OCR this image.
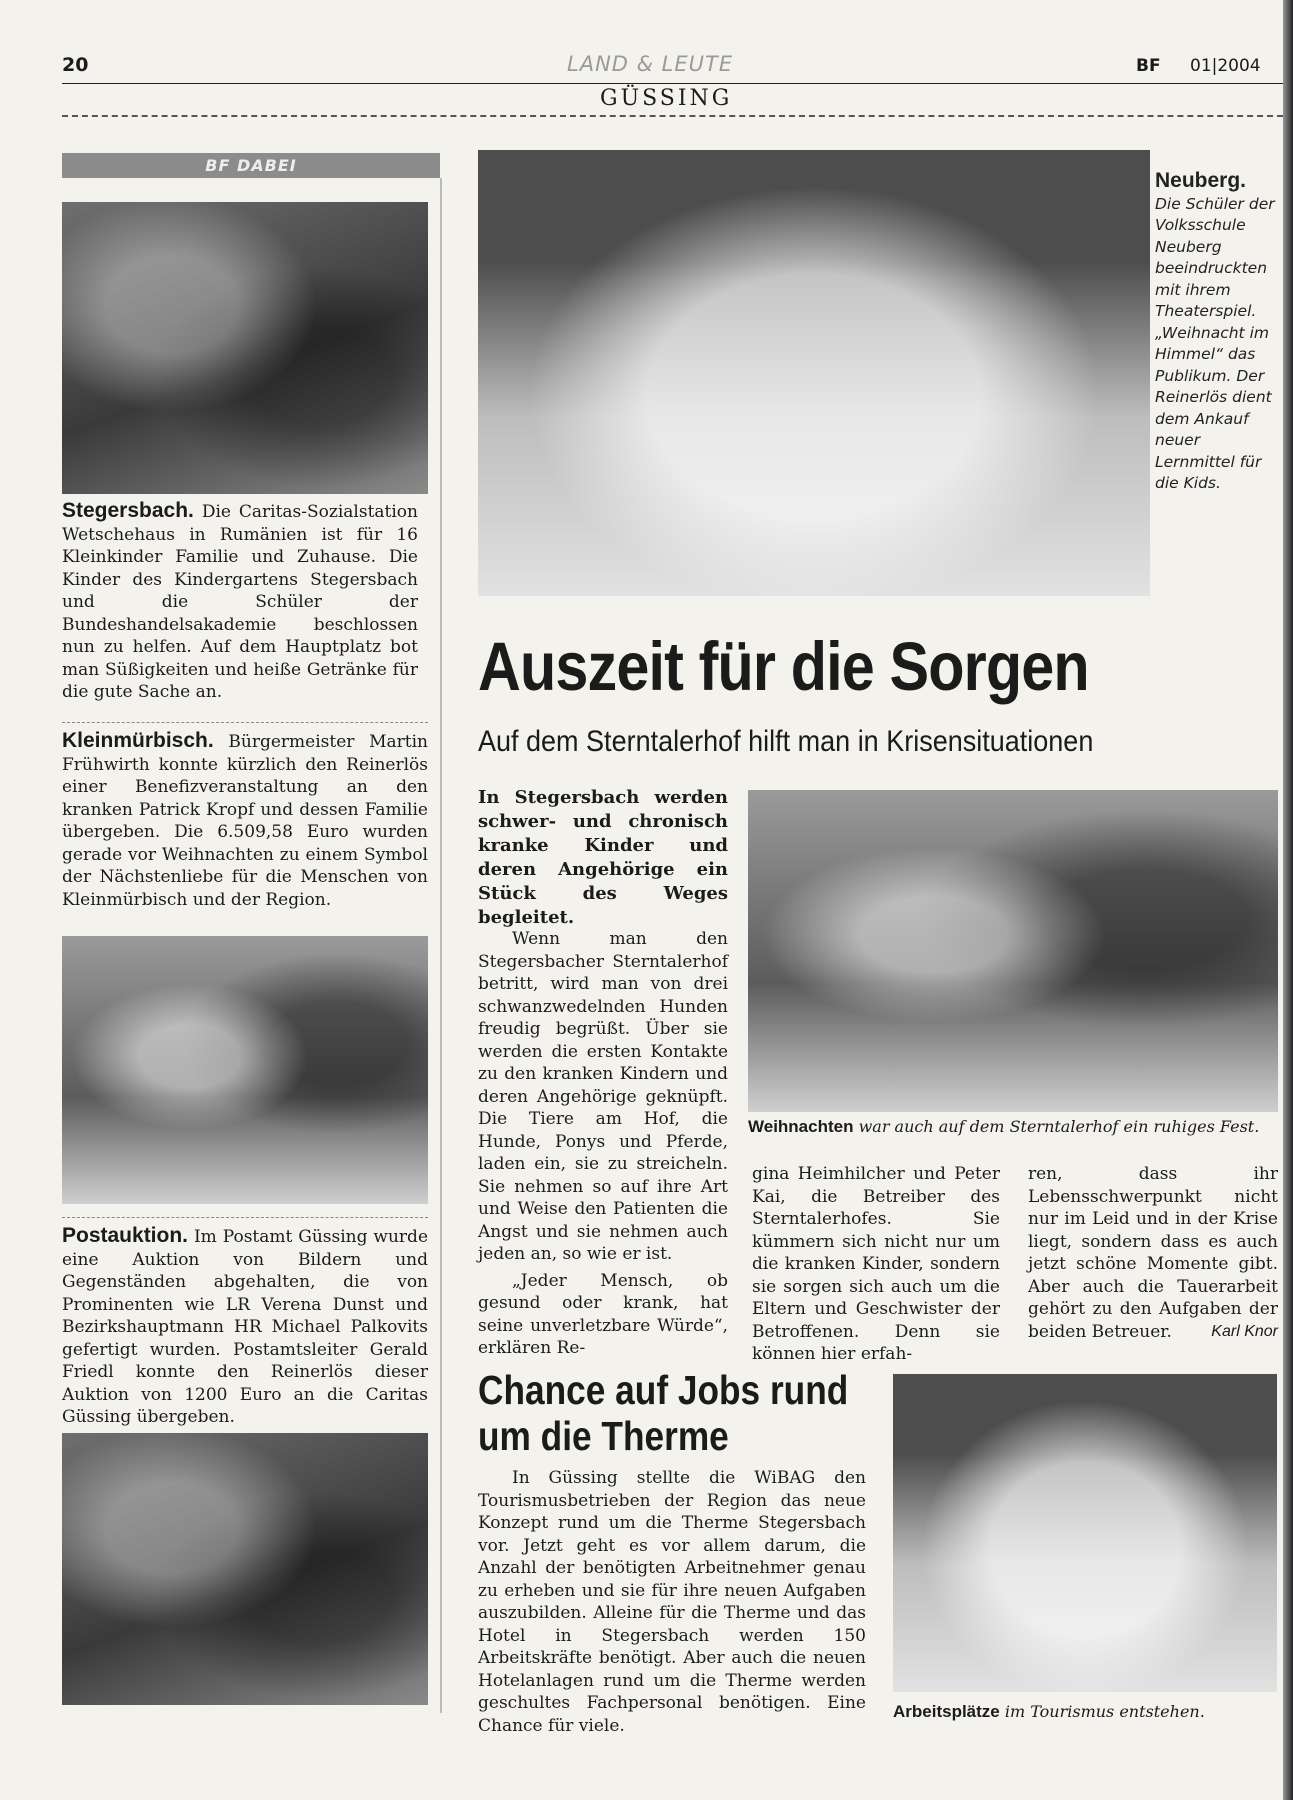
20	LAND & LEUTE	BF 01|2004
GÜSSING
BF DABEI
Stegersbach. Die Caritas-Sozialstation Wetschehaus in Rumänien ist für 16 Kleinkinder Familie und Zuhause. Die Kinder des Kindergartens Stegersbach und die Schüler der Bundeshandelsakademie beschlossen nun zu helfen. Auf dem Hauptplatz bot man Süßigkeiten und heiße Getränke für die gute Sache an.
Kleinmürbisch. Bürgermeister Martin Frühwirth konnte kürzlich den Reinerlös einer Benefizveranstaltung an den kranken Patrick Kropf und dessen Familie übergeben. Die 6.509,58 Euro wurden gerade vor Weihnachten zu einem Symbol der Nächstenliebe für die Menschen von Kleinmürbisch und der Region.
Postauktion. Im Postamt Güssing wurde eine Auktion von Bildern und Gegenständen abgehalten, die von Prominenten wie LR Verena Dunst und Bezirkshauptmann HR Michael Palkovits gefertigt wurden. Postamtsleiter Gerald Friedl konnte den Reinerlös dieser Auktion von 1200 Euro an die Caritas Güssing übergeben.
Neuberg.
Die Schüler der Volksschule Neuberg beeindruckten mit ihrem Theaterspiel. „Weihnacht im Himmel“ das Publikum. Der Reinerlös dient dem Ankauf neuer Lernmittel für die Kids.
Auszeit für die Sorgen
Auf dem Sterntalerhof hilft man in Krisensituationen
In Stegersbach werden schwer- und chronisch kranke Kinder und deren Angehörige ein Stück des Weges begleitet.
Weihnachten war auch auf dem Sterntalerhof ein ruhiges Fest.
Wenn man den Stegersbacher Sterntalerhof betritt, wird man von drei schwanzwedelnden Hunden freudig begrüßt. Über sie werden die ersten Kontakte zu den kranken Kindern und deren Angehörige geknüpft. Die Tiere am Hof, die Hunde, Ponys und Pferde, laden ein, sie zu streicheln. Sie nehmen so auf ihre Art und Weise den Patienten die Angst und sie nehmen auch jeden an, so wie er ist.
„Jeder Mensch, ob gesund oder krank, hat seine unverletzbare Würde“, erklären Re-
gina Heimhilcher und Peter Kai, die Betreiber des Sterntalerhofes. Sie kümmern sich nicht nur um die kranken Kinder, sondern sie sorgen sich auch um die Eltern und Geschwister der Betroffenen. Denn sie können hier erfah-
ren, dass ihr Lebensschwerpunkt nicht nur im Leid und in der Krise liegt, sondern dass es auch jetzt schöne Momente gibt. Aber auch die Tauerarbeit gehört zu den Aufgaben der beiden Betreuer.	Karl Knor
Chance auf Jobs rund
um die Therme
In Güssing stellte die WiBAG den Tourismusbetrieben der Region das neue Konzept rund um die Therme Stegersbach vor. Jetzt geht es vor allem darum, die Anzahl der benötigten Arbeitnehmer genau zu erheben und sie für ihre neuen Aufgaben auszubilden. Alleine für die Therme und das Hotel in Stegersbach werden 150 Arbeitskräfte benötigt. Aber auch die neuen Hotelanlagen rund um die Therme werden geschultes Fachpersonal benötigen. Eine Chance für viele.
Arbeitsplätze im Tourismus entstehen.
